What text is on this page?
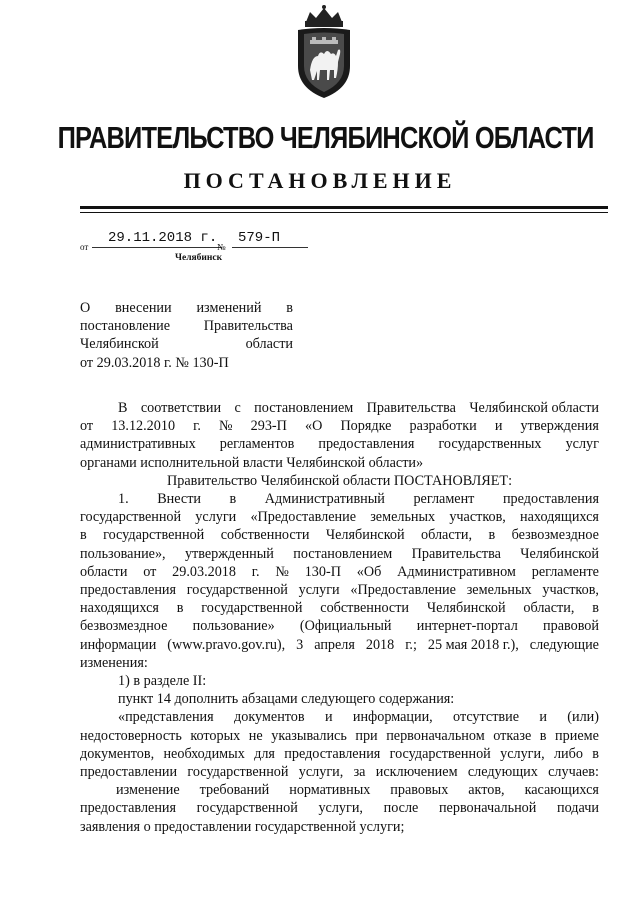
ПРАВИТЕЛЬСТВО ЧЕЛЯБИНСКОЙ ОБЛАСТИ
ПОСТАНОВЛЕНИЕ
от
29.11.2018 г.
№
579-П
Челябинск
О внесении изменений в
постановление Правительства
Челябинской	области
от 29.03.2018 г. № 130-П
В соответствии с постановлением Правительства Челябинской области
от 13.12.2010 г. № 293-П «О Порядке разработки и утверждения
административных регламентов предоставления государственных услуг
органами исполнительной власти Челябинской области»
Правительство Челябинской области ПОСТАНОВЛЯЕТ:
1. Внести в Административный регламент предоставления
государственной услуги «Предоставление земельных участков, находящихся
в государственной собственности Челябинской области, в безвозмездное
пользование», утвержденный постановлением Правительства Челябинской
области от 29.03.2018 г. № 130-П «Об Административном регламенте
предоставления государственной услуги «Предоставление земельных участков,
находящихся в государственной собственности Челябинской области, в
безвозмездное пользование» (Официальный интернет-портал правовой
информации (www.pravo.gov.ru), 3 апреля 2018 г.; 25 мая 2018 г.), следующие
изменения:
1) в разделе II:
пункт 14 дополнить абзацами следующего содержания:
«представления документов и информации, отсутствие и (или)
недостоверность которых не указывались при первоначальном отказе в приеме
документов, необходимых для предоставления государственной услуги, либо в
предоставлении государственной услуги, за исключением следующих случаев:
изменение требований нормативных правовых актов, касающихся
предоставления государственной услуги, после первоначальной подачи
заявления о предоставлении государственной услуги;
